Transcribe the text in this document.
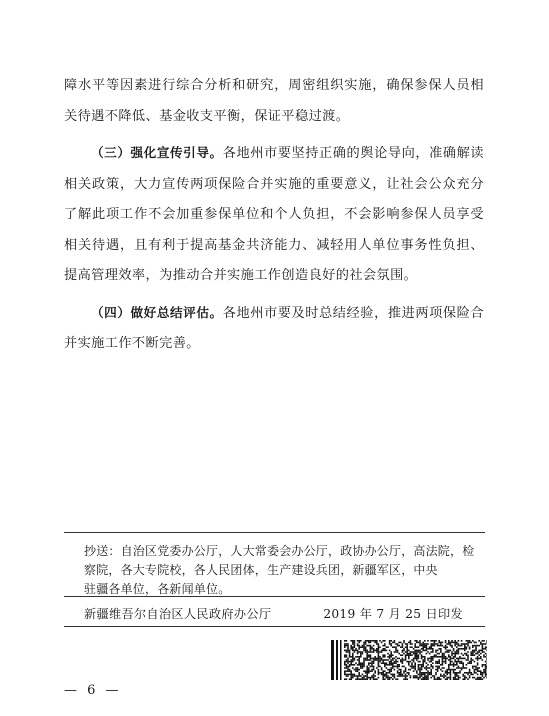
障水平等因素进行综合分析和研究，周密组织实施，确保参保人员相关待遇不降低、基金收支平衡，保证平稳过渡。

（三）强化宣传引导。各地州市要坚持正确的舆论导向，准确解读相关政策，大力宣传两项保险合并实施的重要意义，让社会公众充分了解此项工作不会加重参保单位和个人负担，不会影响参保人员享受相关待遇，且有利于提高基金共济能力、减轻用人单位事务性负担、提高管理效率，为推动合并实施工作创造良好的社会氛围。

（四）做好总结评估。各地州市要及时总结经验，推进两项保险合并实施工作不断完善。

抄送：自治区党委办公厅，人大常委会办公厅，政协办公厅，高法院，检
察院，各大专院校，各人民团体，生产建设兵团，新疆军区，中央
驻疆各单位，各新闻单位。
新疆维吾尔自治区人民政府办公厅	2019 年 7 月 25 日印发
— 6 —
